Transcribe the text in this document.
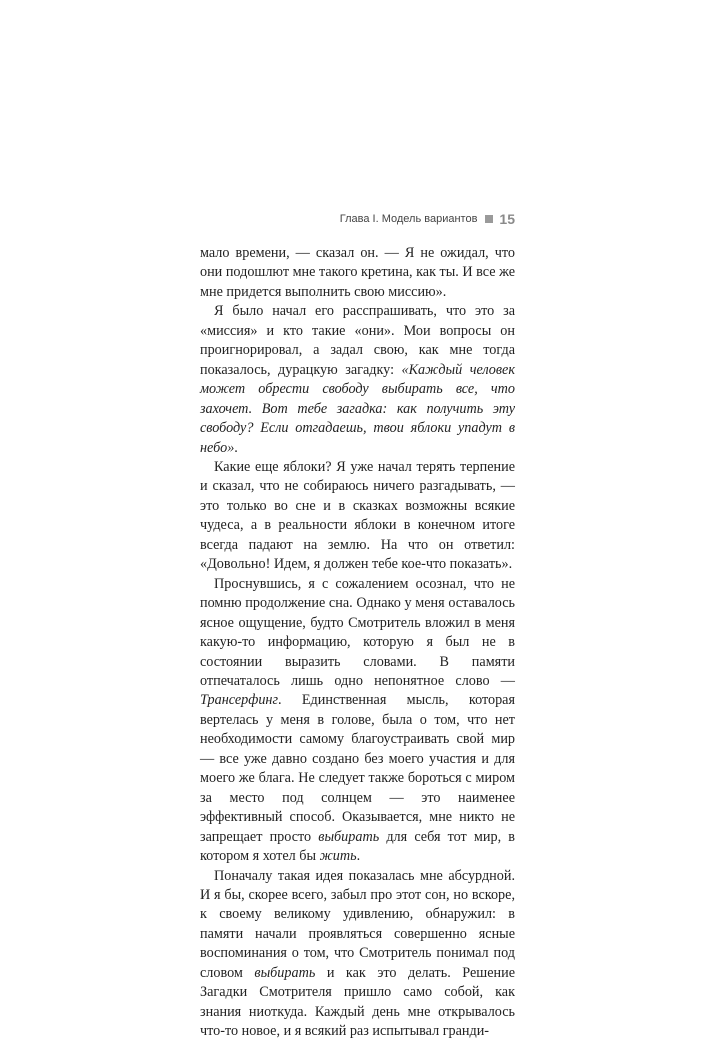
Глава I. Модель вариантов 15

мало времени, — сказал он. — Я не ожидал, что они подошлют мне такого кретина, как ты. И все же мне придется выполнить свою миссию».

Я было начал его расспрашивать, что это за «миссия» и кто такие «они». Мои вопросы он проигнорировал, а задал свою, как мне тогда показалось, дурацкую загадку: «Каждый человек может обрести свободу выбирать все, что захочет. Вот тебе загадка: как получить эту свободу? Если отгадаешь, твои яблоки упадут в небо».

Какие еще яблоки? Я уже начал терять терпение и сказал, что не собираюсь ничего разгадывать, — это только во сне и в сказках возможны всякие чудеса, а в реальности яблоки в конечном итоге всегда падают на землю. На что он ответил: «Довольно! Идем, я должен тебе кое-что показать».

Проснувшись, я с сожалением осознал, что не помню продолжение сна. Однако у меня оставалось ясное ощущение, будто Смотритель вложил в меня какую-то информацию, которую я был не в состоянии выразить словами. В памяти отпечаталось лишь одно непонятное слово — Трансерфинг. Единственная мысль, которая вертелась у меня в голове, была о том, что нет необходимости самому благоустраивать свой мир — все уже давно создано без моего участия и для моего же блага. Не следует также бороться с миром за место под солнцем — это наименее эффективный способ. Оказывается, мне никто не запрещает просто выбирать для себя тот мир, в котором я хотел бы жить.

Поначалу такая идея показалась мне абсурдной. И я бы, скорее всего, забыл про этот сон, но вскоре, к своему великому удивлению, обнаружил: в памяти начали проявляться совершенно ясные воспоминания о том, что Смотритель понимал под словом выбирать и как это делать. Решение Загадки Смотрителя пришло само собой, как знания ниоткуда. Каждый день мне открывалось что-то новое, и я всякий раз испытывал гранди-
